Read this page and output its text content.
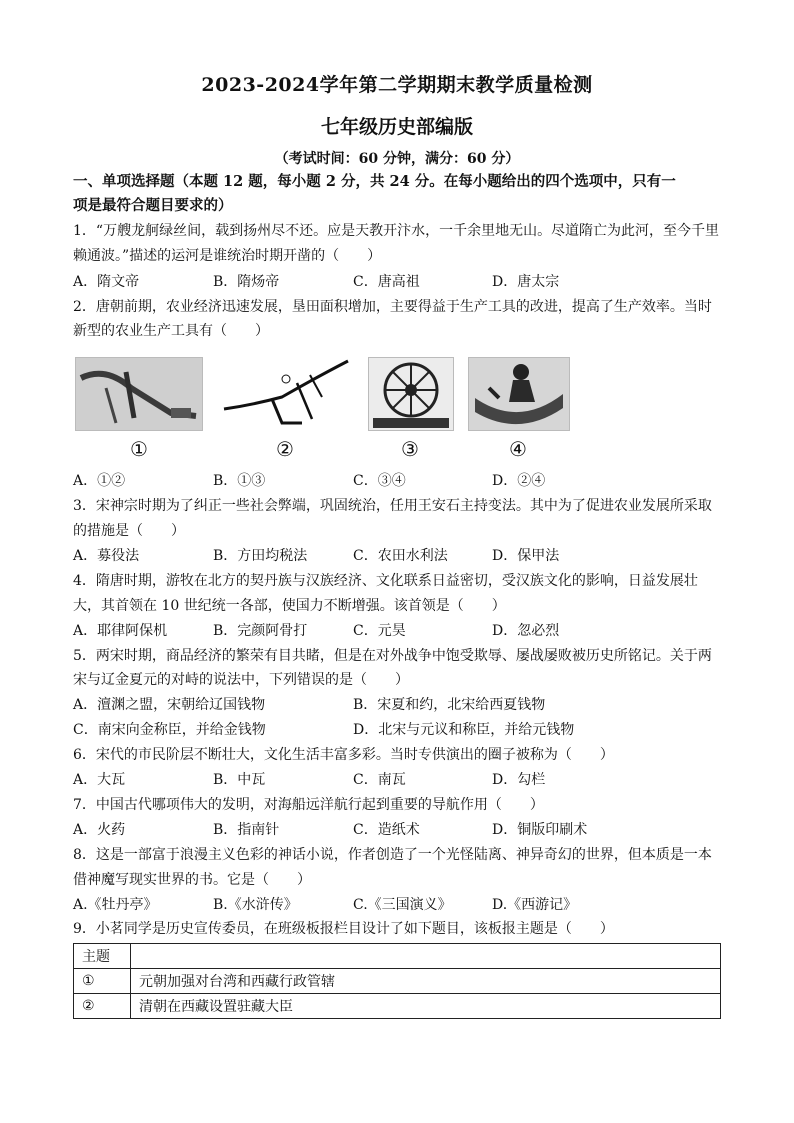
2023-2024学年第二学期期末教学质量检测
七年级历史部编版
（考试时间：60 分钟，满分：60 分）
一、单项选择题（本题 12 题，每小题 2 分，共 24 分。在每小题给出的四个选项中，只有一
项是最符合题目要求的）
1．“万艘龙舸绿丝间，载到扬州尽不还。应是天教开汴水，一千余里地无山。尽道隋亡为此河，至今千里
赖通波。”描述的运河是谁统治时期开凿的（　　）
A．隋文帝	B．隋炀帝	C．唐高祖	D．唐太宗
2．唐朝前期，农业经济迅速发展，垦田面积增加，主要得益于生产工具的改进，提高了生产效率。当时
新型的农业生产工具有（　　）
①	②	③	④
A．①②	B．①③	C．③④	D．②④
3．宋神宗时期为了纠正一些社会弊端，巩固统治，任用王安石主持变法。其中为了促进农业发展所采取
的措施是（　　）
A．募役法	B．方田均税法	C．农田水利法	D．保甲法
4．隋唐时期，游牧在北方的契丹族与汉族经济、文化联系日益密切，受汉族文化的影响，日益发展壮
大，其首领在 10 世纪统一各部，使国力不断增强。该首领是（　　）
A．耶律阿保机	B．完颜阿骨打	C．元昊	D．忽必烈
5．两宋时期，商品经济的繁荣有目共睹，但是在对外战争中饱受欺辱、屡战屡败被历史所铭记。关于两
宋与辽金夏元的对峙的说法中，下列错误的是（　　）
A．澶渊之盟，宋朝给辽国钱物	B．宋夏和约，北宋给西夏钱物
C．南宋向金称臣，并给金钱物	D．北宋与元议和称臣，并给元钱物
6．宋代的市民阶层不断壮大，文化生活丰富多彩。当时专供演出的圈子被称为（　　）
A．大瓦	B．中瓦	C．南瓦	D．勾栏
7．中国古代哪项伟大的发明，对海船远洋航行起到重要的导航作用（　　）
A．火药	B．指南针	C．造纸术	D．铜版印刷术
8．这是一部富于浪漫主义色彩的神话小说，作者创造了一个光怪陆离、神异奇幻的世界，但本质是一本
借神魔写现实世界的书。它是（　　）
A.《牡丹亭》	B.《水浒传》	C.《三国演义》	D.《西游记》
9．小茗同学是历史宣传委员，在班级板报栏目设计了如下题目，该板报主题是（　　）
主题	
①	元朝加强对台湾和西藏行政管辖
②	清朝在西藏设置驻藏大臣
